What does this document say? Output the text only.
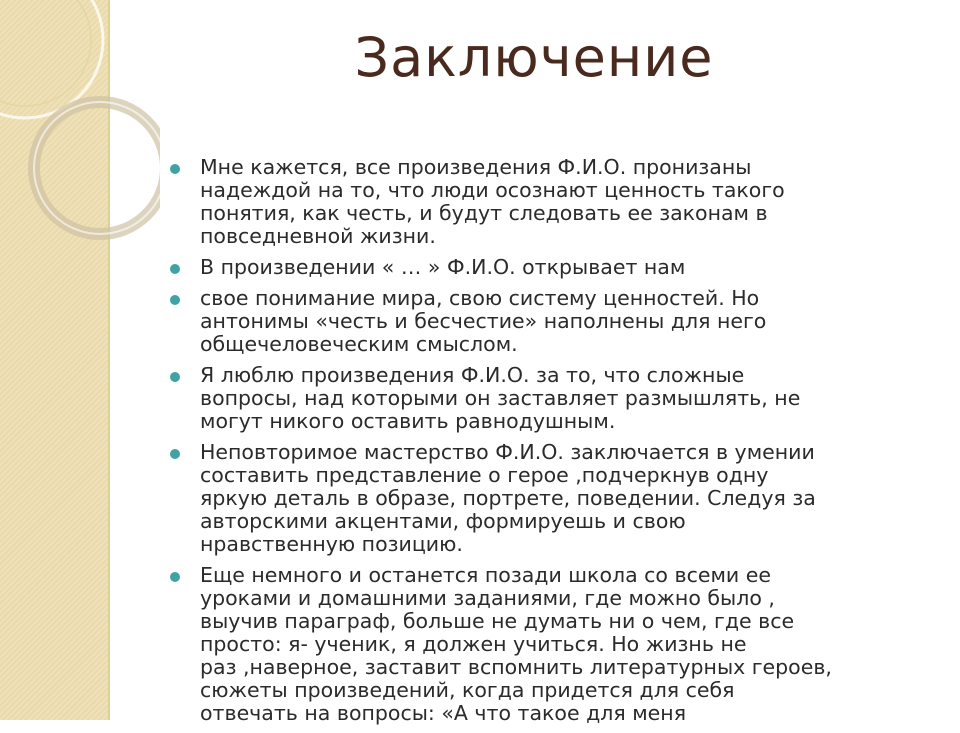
Заключение
Мне кажется, все произведения Ф.И.О. пронизаны
надеждой на то, что люди осознают ценность такого
понятия, как честь, и будут следовать ее законам в
повседневной жизни.
В произведении « … » Ф.И.О. открывает нам
свое понимание мира, свою систему ценностей. Но
антонимы «честь и бесчестие» наполнены для него
общечеловеческим смыслом.
Я люблю произведения Ф.И.О. за то, что сложные
вопросы, над которыми он заставляет размышлять, не
могут никого оставить равнодушным.
Неповторимое мастерство Ф.И.О. заключается в умении
составить представление о герое ,подчеркнув одну
яркую деталь в образе, портрете, поведении. Следуя за
авторскими акцентами, формируешь и свою
нравственную позицию.
Еще немного и останется позади школа со всеми ее
уроками и домашними заданиями, где можно было ,
выучив параграф, больше не думать ни о чем, где все
просто: я- ученик, я должен учиться. Но жизнь не
раз ,наверное, заставит вспомнить литературных героев,
сюжеты произведений, когда придется для себя
отвечать на вопросы: «А что такое для меня
